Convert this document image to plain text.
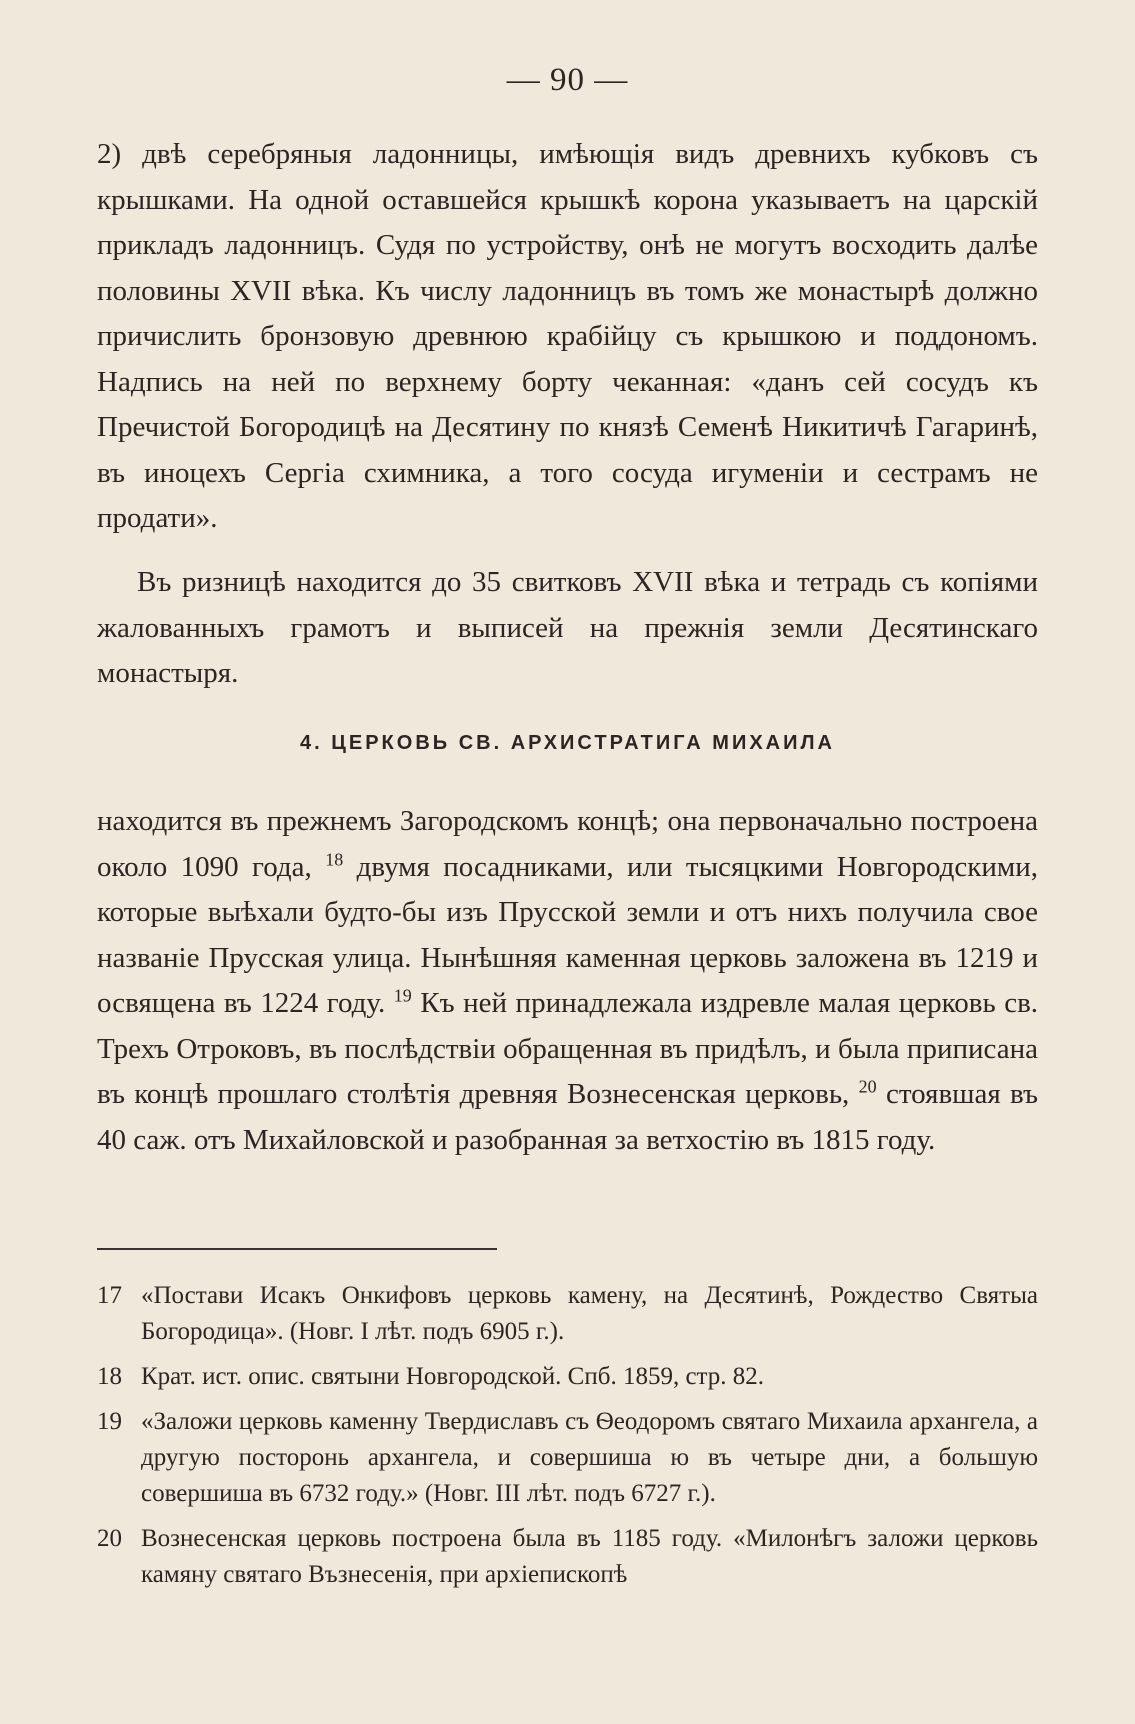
— 90 —
2) двѣ серебряныя ладонницы, имѣющія видъ древнихъ кубковъ съ крышками. На одной оставшейся крышкѣ корона указываетъ на царскій прикладъ ладонницъ. Судя по устройству, онѣ не могутъ восходить далѣе половины XVII вѣка. Къ числу ладонницъ въ томъ же монастырѣ должно причислить бронзовую древнюю крабійцу съ крышкою и поддономъ. Надпись на ней по верхнему борту чеканная: «данъ сей сосудъ къ Пречистой Богородицѣ на Десятину по князѣ Семенѣ Никитичѣ Гагаринѣ, въ иноцехъ Сергіа схимника, а того сосуда игуменіи и сестрамъ не продати».
Въ ризницѣ находится до 35 свитковъ XVII вѣка и тетрадь съ копіями жалованныхъ грамотъ и выписей на прежнія земли Десятинскаго монастыря.
4. ЦЕРКОВЬ СВ. АРХИСТРАТИГА МИХАИЛА
находится въ прежнемъ Загородскомъ концѣ; она первоначально построена около 1090 года, $^{18}$ двумя посадниками, или тысяцкими Новгородскими, которые выѣхали будто-бы изъ Прусской земли и отъ нихъ получила свое названіе Прусская улица. Нынѣшняя каменная церковь заложена въ 1219 и освящена въ 1224 году. $^{19}$ Къ ней принадлежала издревле малая церковь св. Трехъ Отроковъ, въ послѣдствіи обращенная въ придѣлъ, и была приписана въ концѣ прошлаго столѣтія древняя Вознесенская церковь, $^{20}$ стоявшая въ 40 саж. отъ Михайловской и разобранная за ветхостію въ 1815 году.
17 «Постави Исакъ Онкифовъ церковь камену, на Десятинѣ, Рождество Святыа Богородица». (Новг. I лѣт. подъ 6905 г.).
18 Крат. ист. опис. святыни Новгородской. Спб. 1859, стр. 82.
19 «Заложи церковь каменну Твердиславъ съ Ѳеодоромъ святаго Михаила архангела, а другую посторонь архангела, и совершиша ю въ четыре дни, а большую совершиша въ 6732 году.» (Новг. III лѣт. подъ 6727 г.).
20 Вознесенская церковь построена была въ 1185 году. «Милонѣгъ заложи церковь камяну святаго Възнесенія, при архіепископѣ
